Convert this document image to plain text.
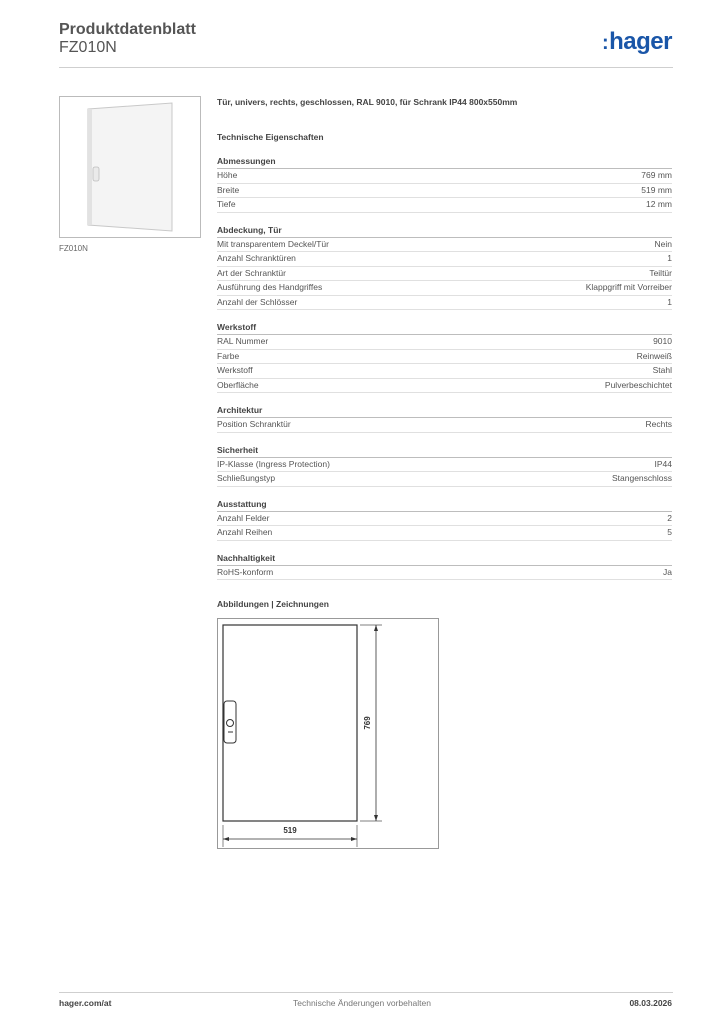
Produktdatenblatt
FZ010N	:hager
FZ010N
Tür, univers, rechts, geschlossen, RAL 9010, für Schrank IP44 800x550mm
Technische Eigenschaften
Abmessungen
Höhe	769 mm
Breite	519 mm
Tiefe	12 mm
Abdeckung, Tür
Mit transparentem Deckel/Tür	Nein
Anzahl Schranktüren	1
Art der Schranktür	Teiltür
Ausführung des Handgriffes	Klappgriff mit Vorreiber
Anzahl der Schlösser	1
Werkstoff
RAL Nummer	9010
Farbe	Reinweiß
Werkstoff	Stahl
Oberfläche	Pulverbeschichtet
Architektur
Position Schranktür	Rechts
Sicherheit
IP-Klasse (Ingress Protection)	IP44
Schließungstyp	Stangenschloss
Ausstattung
Anzahl Felder	2
Anzahl Reihen	5
Nachhaltigkeit
RoHS-konform	Ja
Abbildungen | Zeichnungen
519
769
hager.com/at	Technische Änderungen vorbehalten	08.03.2026
